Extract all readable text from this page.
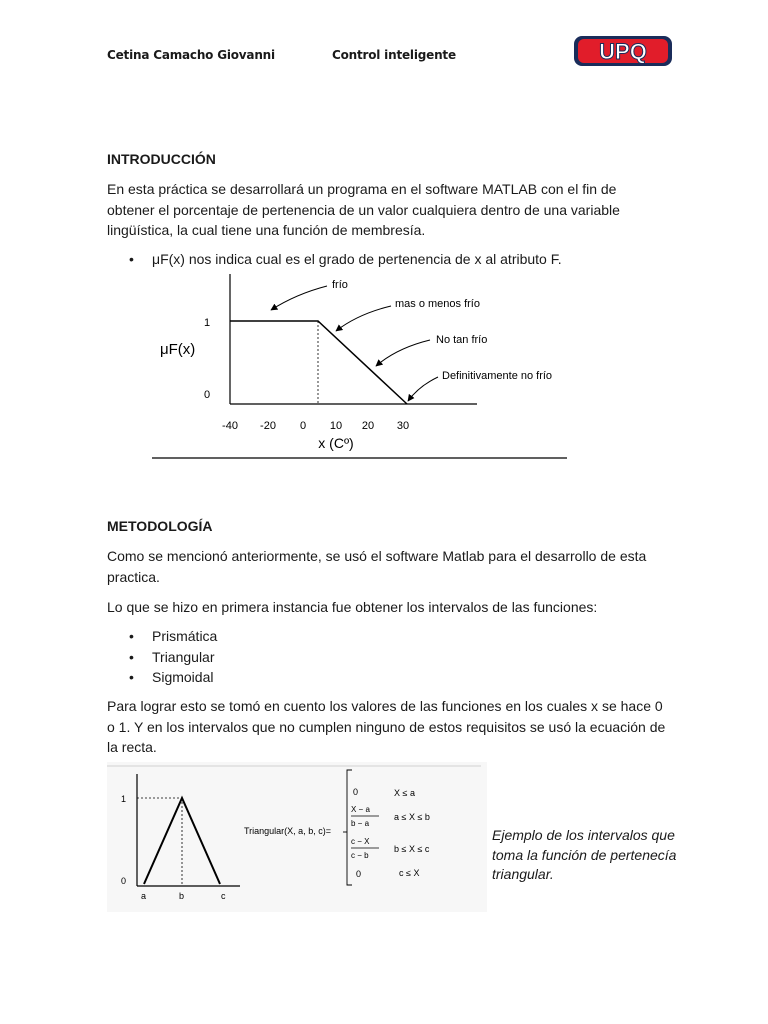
Cetina Camacho Giovanni	Control inteligente	UPQ
INTRODUCCIÓN
En esta práctica se desarrollará un programa en el software MATLAB con el fin de obtener el porcentaje de pertenencia de un valor cualquiera dentro de una variable lingüística, la cual tiene una función de membresía.
• μF(x) nos indica cual es el grado de pertenencia de x al atributo F.
1
0
μF(x)
-40 -20 0 10 20 30
x (Cº)
frío
mas o menos frío
No tan frío
Definitivamente no frío
METODOLOGÍA
Como se mencionó anteriormente, se usó el software Matlab para el desarrollo de esta practica.
Lo que se hizo en primera instancia fue obtener los intervalos de las funciones:
• Prismática
• Triangular
• Sigmoidal
Para lograr esto se tomó en cuento los valores de las funciones en los cuales x se hace 0 o 1. Y en los intervalos que no cumplen ninguno de estos requisitos se usó la ecuación de la recta.
1
0
a	b	c
Triangular(X, a, b, c)=
0	X ≤ a
X − a
b − a
a ≤ X ≤ b
c − X
c − b
b ≤ X ≤ c
0	c ≤ X
Ejemplo de los intervalos que toma la función de pertenecía triangular.
